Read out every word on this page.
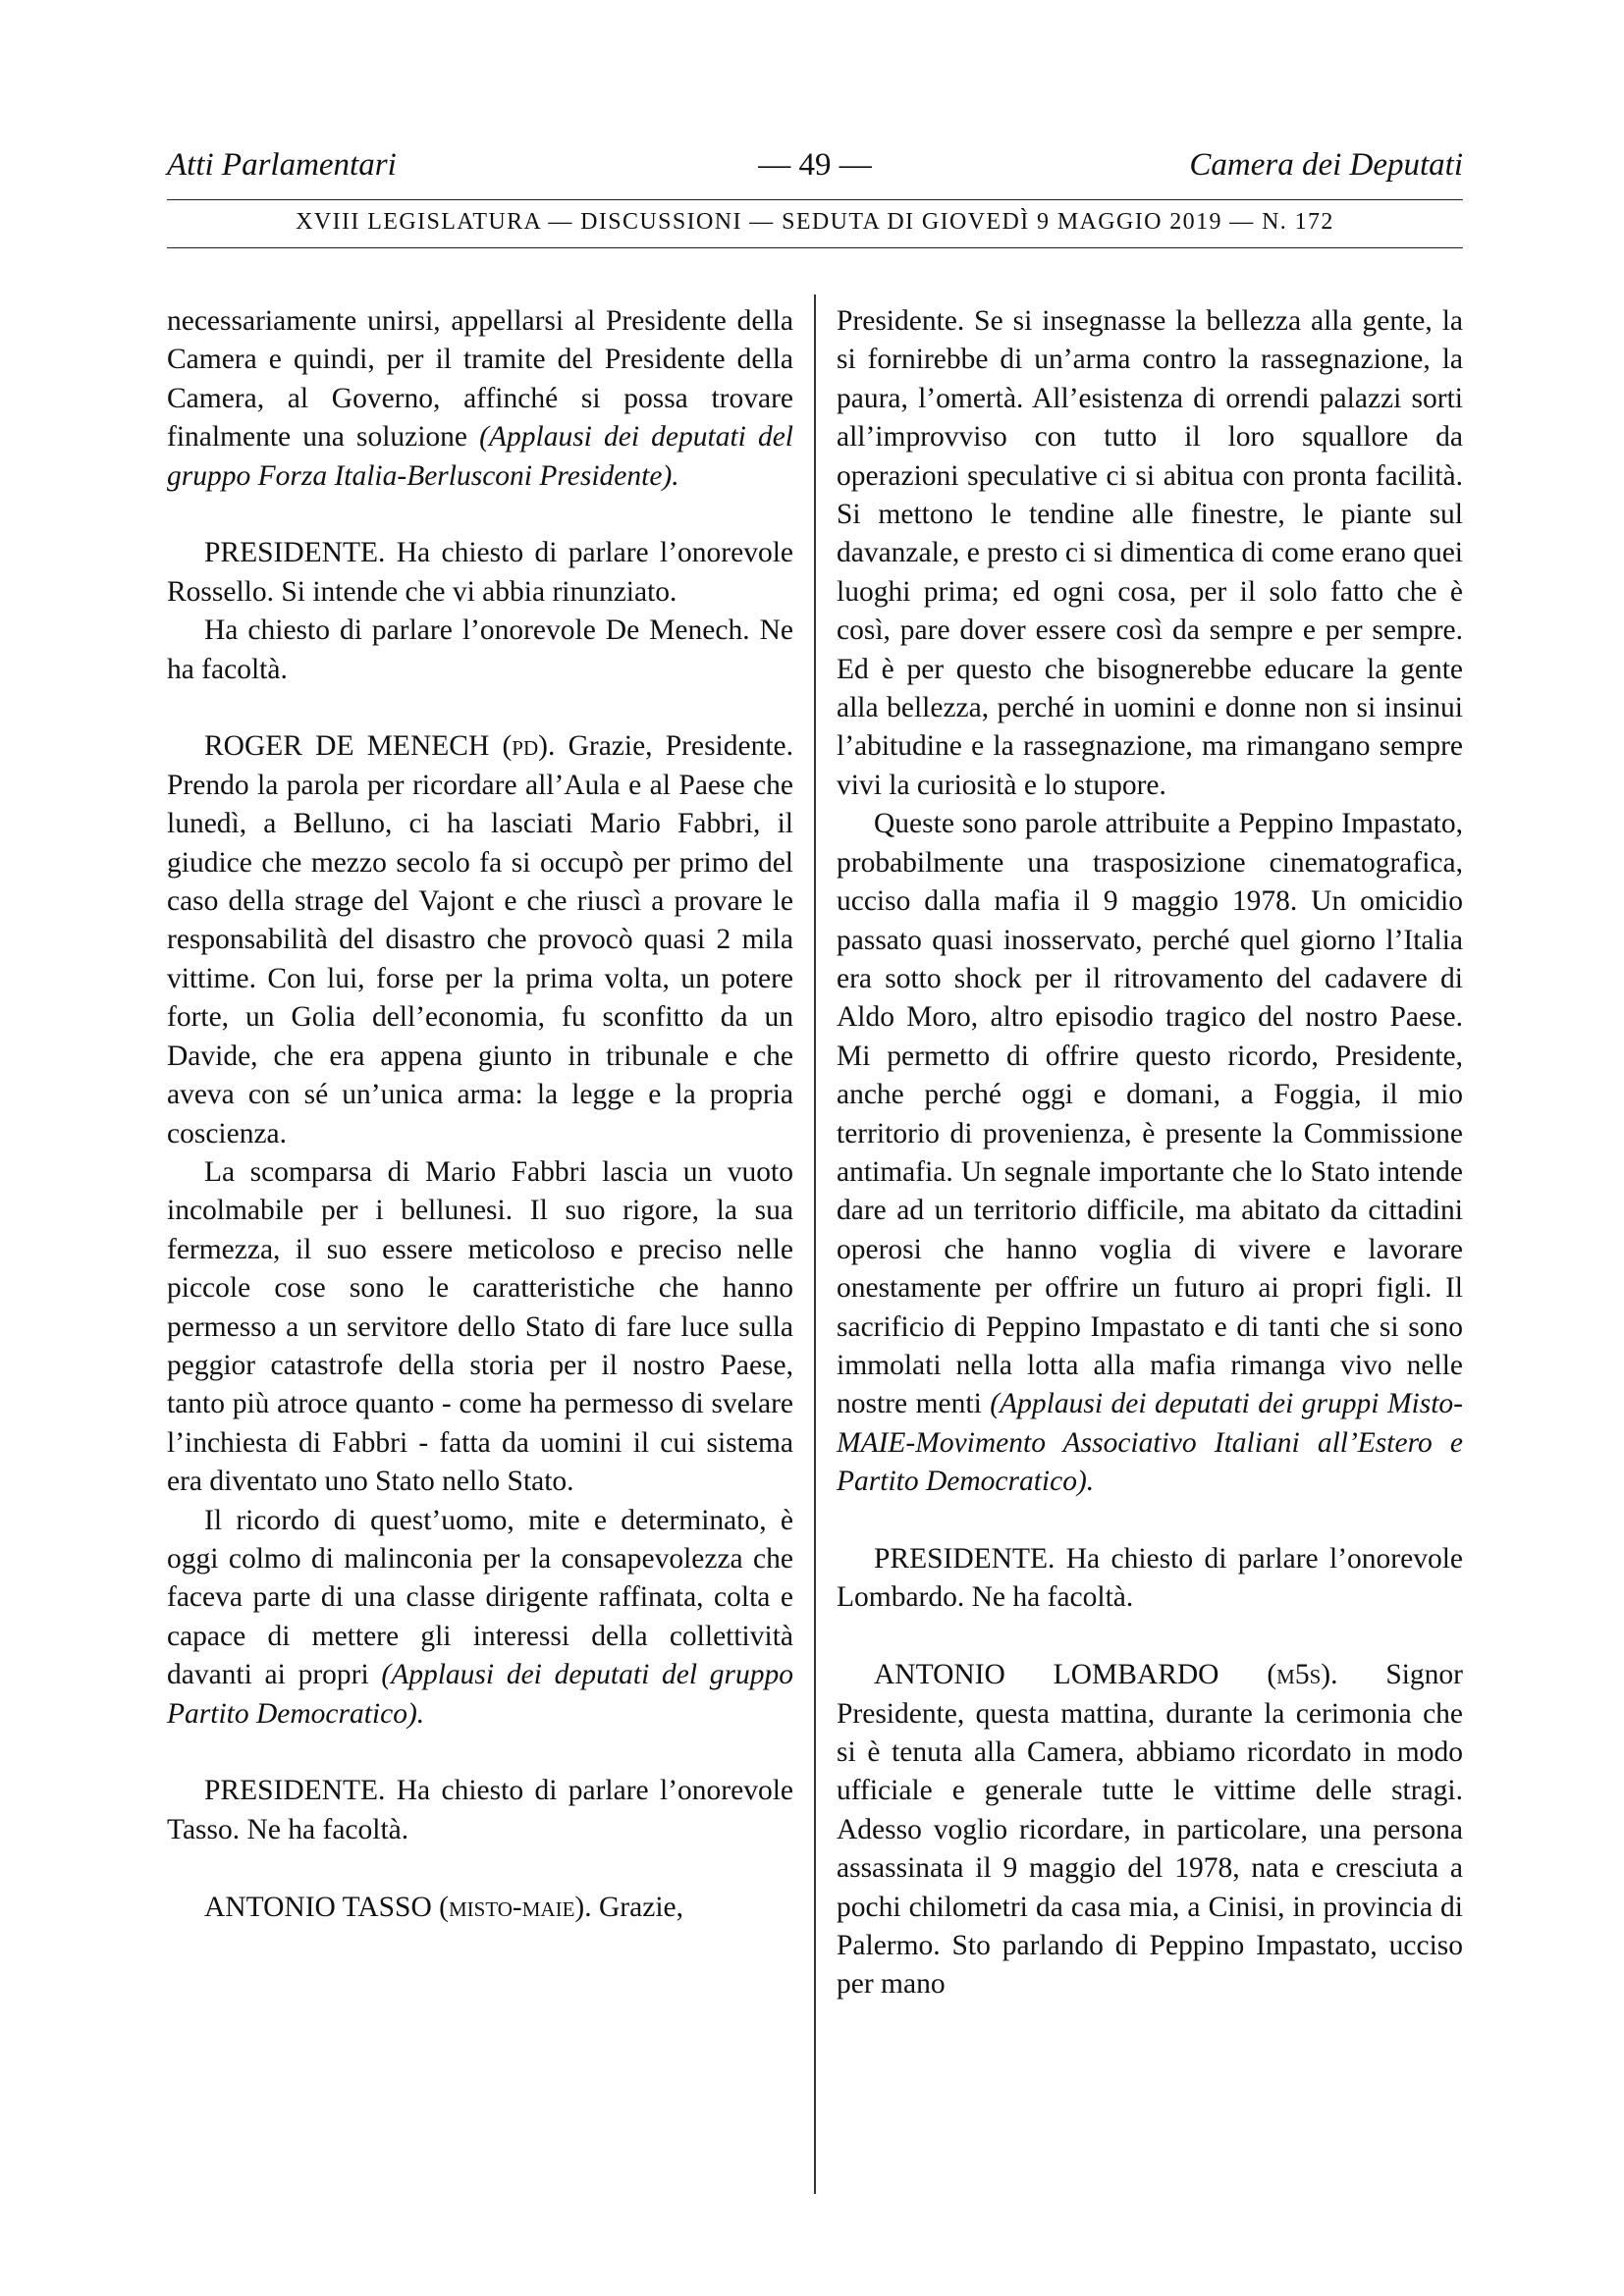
Atti Parlamentari	— 49 —	Camera dei Deputati
XVIII LEGISLATURA — DISCUSSIONI — SEDUTA DI GIOVEDÌ 9 MAGGIO 2019 — N. 172

necessariamente unirsi, appellarsi al Presidente della Camera e quindi, per il tramite del Presidente della Camera, al Governo, affinché si possa trovare finalmente una soluzione (Applausi dei deputati del gruppo Forza Italia-Berlusconi Presidente).

PRESIDENTE. Ha chiesto di parlare l’onorevole Rossello. Si intende che vi abbia rinunziato.

Ha chiesto di parlare l’onorevole De Menech. Ne ha facoltà.

ROGER DE MENECH (pd). Grazie, Presidente. Prendo la parola per ricordare all’Aula e al Paese che lunedì, a Belluno, ci ha lasciati Mario Fabbri, il giudice che mezzo secolo fa si occupò per primo del caso della strage del Vajont e che riuscì a provare le responsabilità del disastro che provocò quasi 2 mila vittime. Con lui, forse per la prima volta, un potere forte, un Golia dell’economia, fu sconfitto da un Davide, che era appena giunto in tribunale e che aveva con sé un’unica arma: la legge e la propria coscienza.

La scomparsa di Mario Fabbri lascia un vuoto incolmabile per i bellunesi. Il suo rigore, la sua fermezza, il suo essere meticoloso e preciso nelle piccole cose sono le caratteristiche che hanno permesso a un servitore dello Stato di fare luce sulla peggior catastrofe della storia per il nostro Paese, tanto più atroce quanto - come ha permesso di svelare l’inchiesta di Fabbri - fatta da uomini il cui sistema era diventato uno Stato nello Stato.

Il ricordo di quest’uomo, mite e determinato, è oggi colmo di malinconia per la consapevolezza che faceva parte di una classe dirigente raffinata, colta e capace di mettere gli interessi della collettività davanti ai propri (Applausi dei deputati del gruppo Partito Democratico).

PRESIDENTE. Ha chiesto di parlare l’onorevole Tasso. Ne ha facoltà.

ANTONIO TASSO (misto-maie). Grazie,

Presidente. Se si insegnasse la bellezza alla gente, la si fornirebbe di un’arma contro la rassegnazione, la paura, l’omertà. All’esistenza di orrendi palazzi sorti all’improvviso con tutto il loro squallore da operazioni speculative ci si abitua con pronta facilità. Si mettono le tendine alle finestre, le piante sul davanzale, e presto ci si dimentica di come erano quei luoghi prima; ed ogni cosa, per il solo fatto che è così, pare dover essere così da sempre e per sempre. Ed è per questo che bisognerebbe educare la gente alla bellezza, perché in uomini e donne non si insinui l’abitudine e la rassegnazione, ma rimangano sempre vivi la curiosità e lo stupore.

Queste sono parole attribuite a Peppino Impastato, probabilmente una trasposizione cinematografica, ucciso dalla mafia il 9 maggio 1978. Un omicidio passato quasi inosservato, perché quel giorno l’Italia era sotto shock per il ritrovamento del cadavere di Aldo Moro, altro episodio tragico del nostro Paese. Mi permetto di offrire questo ricordo, Presidente, anche perché oggi e domani, a Foggia, il mio territorio di provenienza, è presente la Commissione antimafia. Un segnale importante che lo Stato intende dare ad un territorio difficile, ma abitato da cittadini operosi che hanno voglia di vivere e lavorare onestamente per offrire un futuro ai propri figli. Il sacrificio di Peppino Impastato e di tanti che si sono immolati nella lotta alla mafia rimanga vivo nelle nostre menti (Applausi dei deputati dei gruppi Misto-MAIE-Movimento Associativo Italiani all’Estero e Partito Democratico).

PRESIDENTE. Ha chiesto di parlare l’onorevole Lombardo. Ne ha facoltà.

ANTONIO LOMBARDO (m5s). Signor Presidente, questa mattina, durante la cerimonia che si è tenuta alla Camera, abbiamo ricordato in modo ufficiale e generale tutte le vittime delle stragi. Adesso voglio ricordare, in particolare, una persona assassinata il 9 maggio del 1978, nata e cresciuta a pochi chilometri da casa mia, a Cinisi, in provincia di Palermo. Sto parlando di Peppino Impastato, ucciso per mano
